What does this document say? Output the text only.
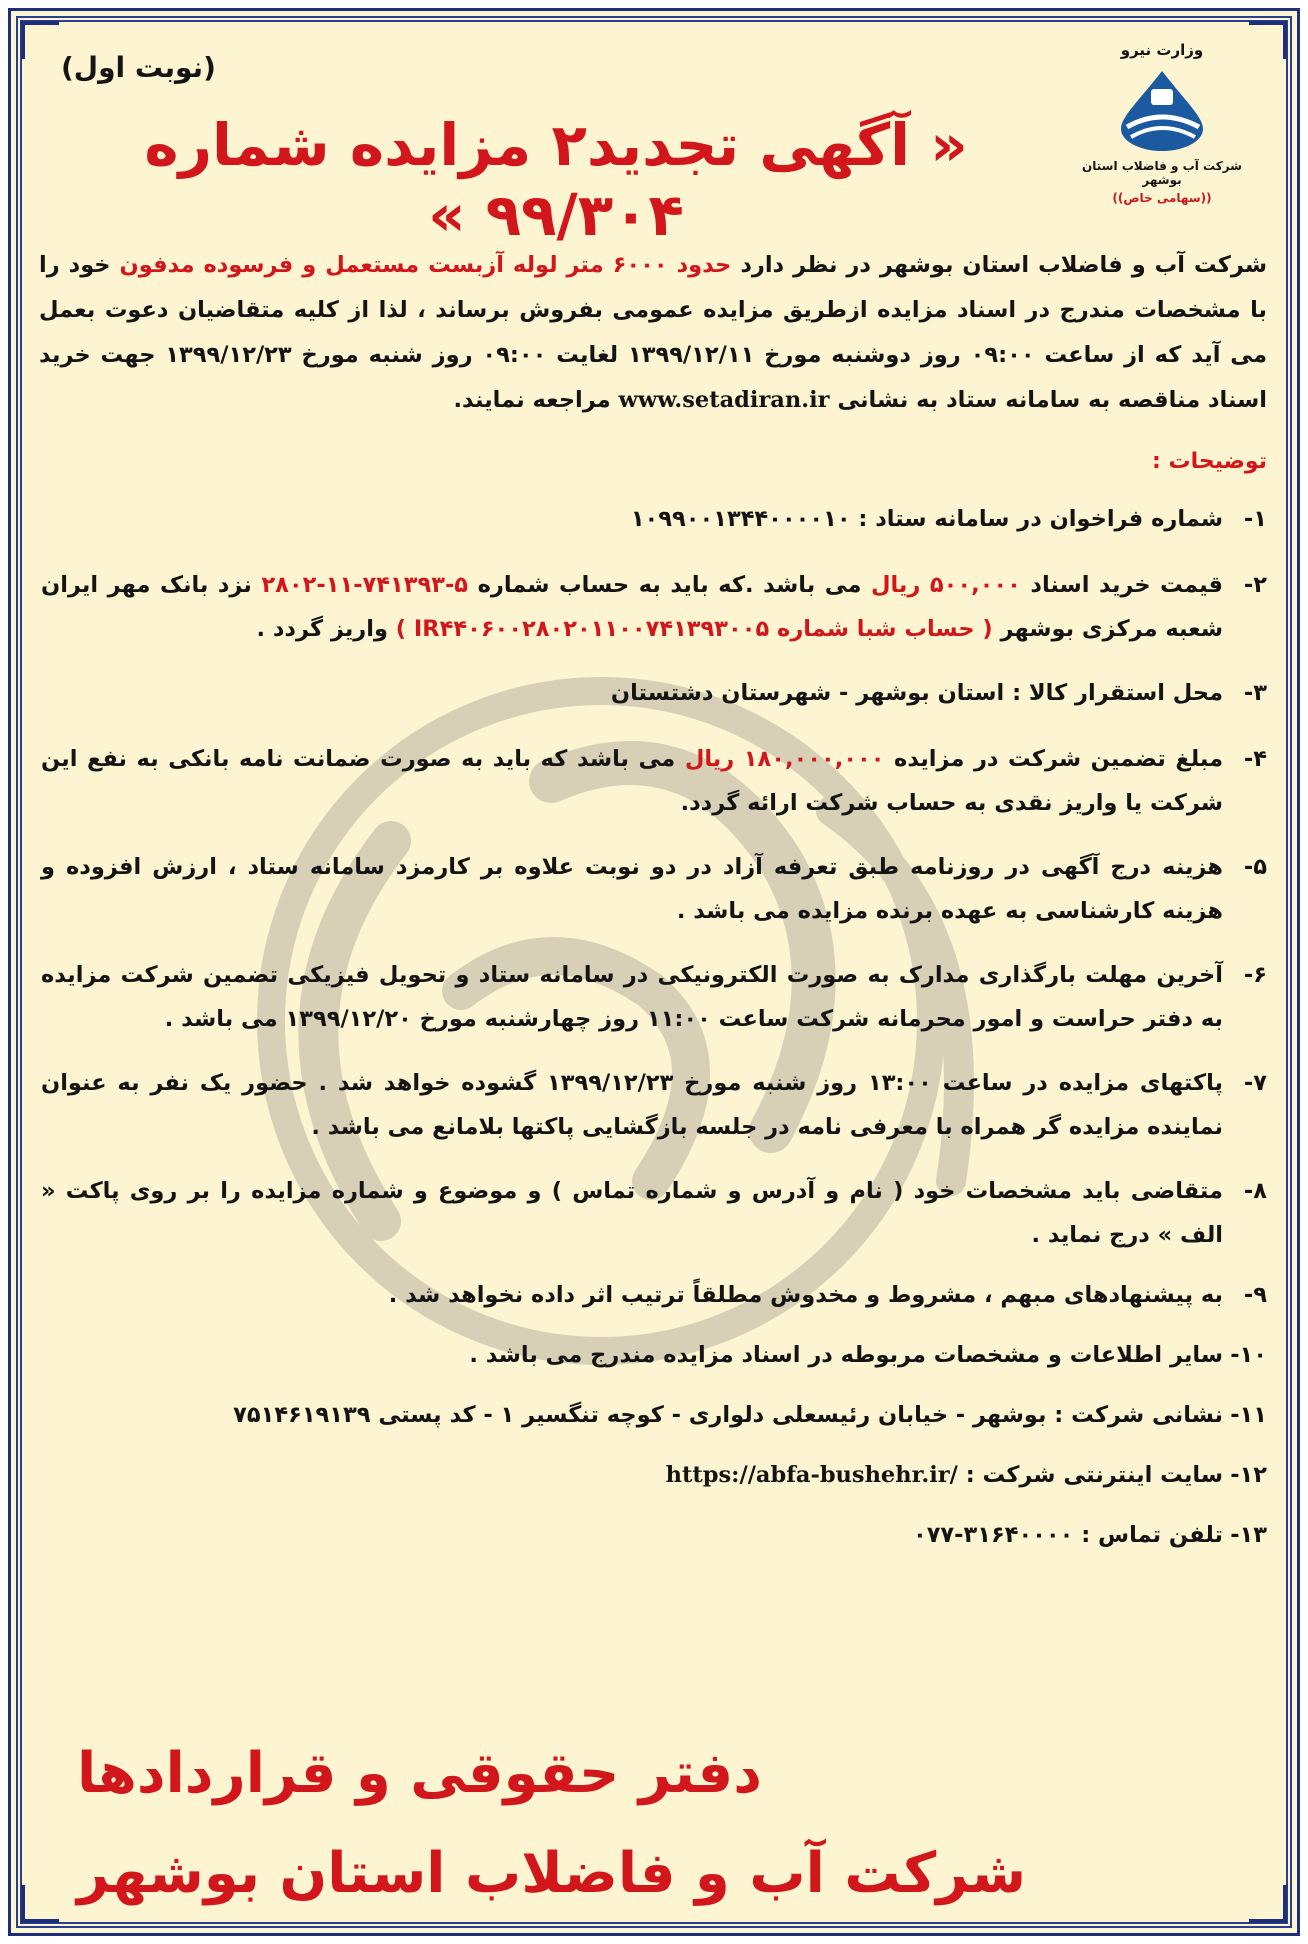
وزارت نیرو
شرکت آب و فاضلاب استان بوشهر
((سهامی خاص))
(نوبت اول)
« آگهی تجدید۲ مزایده شماره ۹۹/۳۰۴ »
شرکت آب و فاضلاب استان بوشهر در نظر دارد حدود ۶۰۰۰ متر لوله آزبست مستعمل و فرسوده مدفون خود را با مشخصات مندرج در اسناد مزایده ازطریق مزایده عمومی بفروش برساند ، لذا از کلیه متقاضیان دعوت بعمل می آید که از ساعت ۰۹:۰۰ روز دوشنبه مورخ ۱۳۹۹/۱۲/۱۱ لغایت ۰۹:۰۰ روز شنبه مورخ ۱۳۹۹/۱۲/۲۳ جهت خرید اسناد مناقصه به سامانه ستاد به نشانی www.setadiran.ir مراجعه نمایند.
توضیحات :
۱-
شماره فراخوان در سامانه ستاد : ۱۰۹۹۰۰۱۳۴۴۰۰۰۰۱۰
۲-
قیمت خرید اسناد ۵۰۰,۰۰۰ ریال می باشد .که باید به حساب شماره ۵-۷۴۱۳۹۳-۱۱-۲۸۰۲ نزد بانک مهر ایران شعبه مرکزی بوشهر ( حساب شبا شماره IR۴۴۰۶۰۰۲۸۰۲۰۱۱۰۰۷۴۱۳۹۳۰۰۵ ) واریز گردد .
۳-
محل استقرار کالا : استان بوشهر - شهرستان دشتستان
۴-
مبلغ تضمین شرکت در مزایده ۱۸۰,۰۰۰,۰۰۰ ریال می باشد که باید به صورت ضمانت نامه بانکی به نفع این شرکت یا واریز نقدی به حساب شرکت ارائه گردد.
۵-
هزینه درج آگهی در روزنامه طبق تعرفه آزاد در دو نوبت علاوه بر کارمزد سامانه ستاد ، ارزش افزوده و هزینه کارشناسی به عهده برنده مزایده می باشد .
۶-
آخرین مهلت بارگذاری مدارک به صورت الکترونیکی در سامانه ستاد و تحویل فیزیکی تضمین شرکت مزایده به دفتر حراست و امور محرمانه شرکت ساعت ۱۱:۰۰ روز چهارشنبه مورخ ۱۳۹۹/۱۲/۲۰ می باشد .
۷-
پاکتهای مزایده در ساعت ۱۳:۰۰ روز شنبه مورخ ۱۳۹۹/۱۲/۲۳ گشوده خواهد شد . حضور یک نفر به عنوان نماینده مزایده گر همراه با معرفی نامه در جلسه بازگشایی پاکتها بلامانع می باشد .
۸-
متقاضی باید مشخصات خود ( نام و آدرس و شماره تماس ) و موضوع و شماره مزایده را بر روی پاکت « الف » درج نماید .
۹-
به پیشنهادهای مبهم ، مشروط و مخدوش مطلقاً ترتیب اثر داده نخواهد شد .
۱۰-
سایر اطلاعات و مشخصات مربوطه در اسناد مزایده مندرج می باشد .
۱۱-
نشانی شرکت : بوشهر - خیابان رئیسعلی دلواری - کوچه تنگسیر ۱ - کد پستی ۷۵۱۴۶۱۹۱۳۹
۱۲-
سایت اینترنتی شرکت : https://abfa-bushehr.ir/
۱۳-
تلفن تماس : ۳۱۶۴۰۰۰۰-۰۷۷
دفتر حقوقی و قراردادها
شرکت آب و فاضلاب استان بوشهر
